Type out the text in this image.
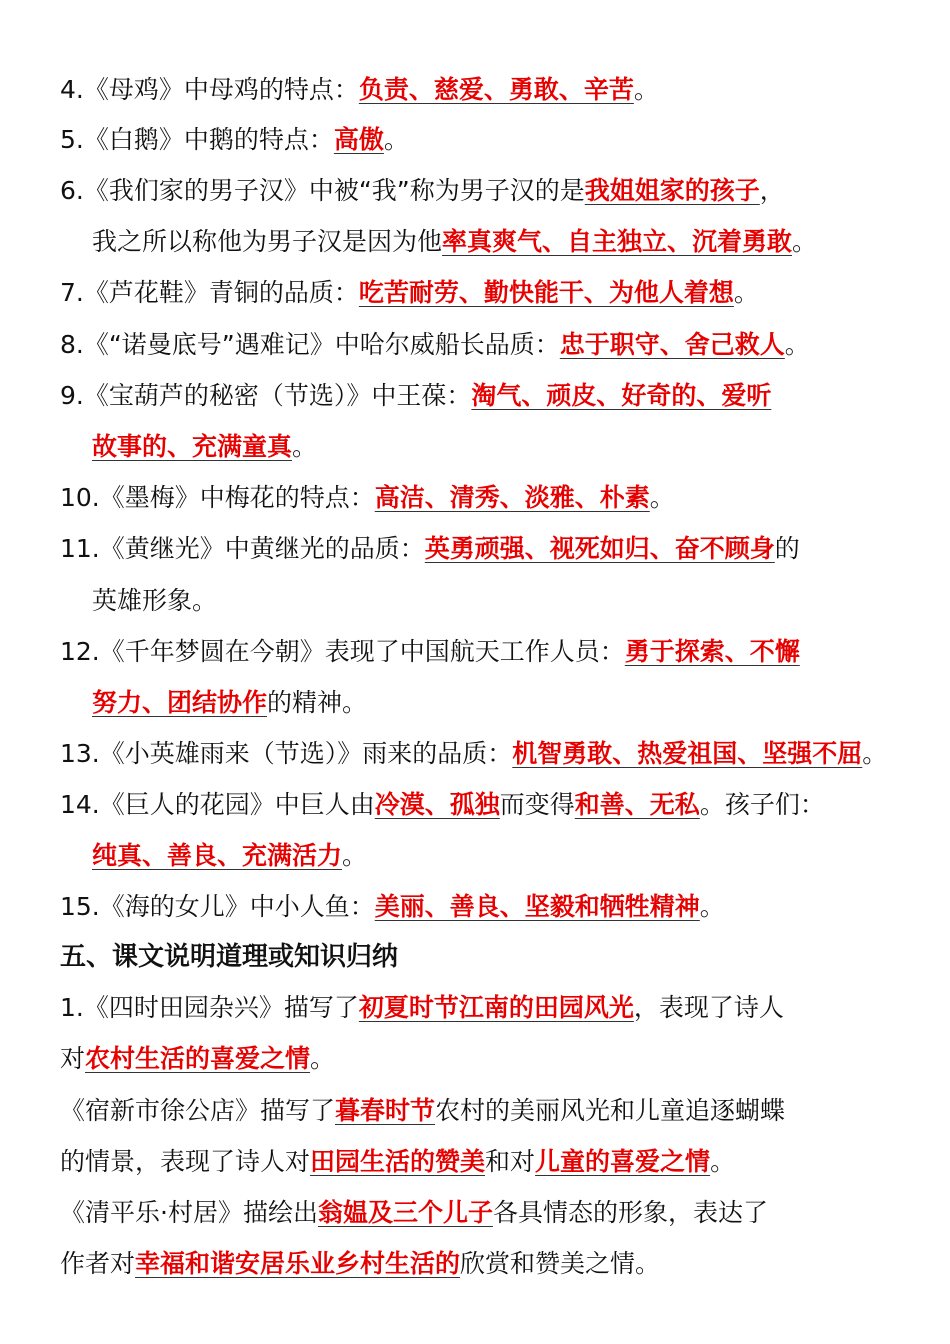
4.《母鸡》中母鸡的特点：负责、慈爱、勇敢、辛苦。
5.《白鹅》中鹅的特点：高傲。
6.《我们家的男子汉》中被“我”称为男子汉的是我姐姐家的孩子，
我之所以称他为男子汉是因为他率真爽气、自主独立、沉着勇敢。
7.《芦花鞋》青铜的品质：吃苦耐劳、勤快能干、为他人着想。
8.《“诺曼底号”遇难记》中哈尔威船长品质：忠于职守、舍己救人。
9.《宝葫芦的秘密（节选）》中王葆：淘气、顽皮、好奇的、爱听
故事的、充满童真。
10.《墨梅》中梅花的特点：高洁、清秀、淡雅、朴素。
11.《黄继光》中黄继光的品质：英勇顽强、视死如归、奋不顾身的
英雄形象。
12.《千年梦圆在今朝》表现了中国航天工作人员：勇于探索、不懈
努力、团结协作的精神。
13.《小英雄雨来（节选）》雨来的品质：机智勇敢、热爱祖国、坚强不屈。
14.《巨人的花园》中巨人由冷漠、孤独而变得和善、无私。孩子们：
纯真、善良、充满活力。
15.《海的女儿》中小人鱼：美丽、善良、坚毅和牺牲精神。
五、课文说明道理或知识归纳
1.《四时田园杂兴》描写了初夏时节江南的田园风光，表现了诗人
对农村生活的喜爱之情。
《宿新市徐公店》描写了暮春时节农村的美丽风光和儿童追逐蝴蝶
的情景，表现了诗人对田园生活的赞美和对儿童的喜爱之情。
《清平乐·村居》描绘出翁媪及三个儿子各具情态的形象，表达了
作者对幸福和谐安居乐业乡村生活的欣赏和赞美之情。
